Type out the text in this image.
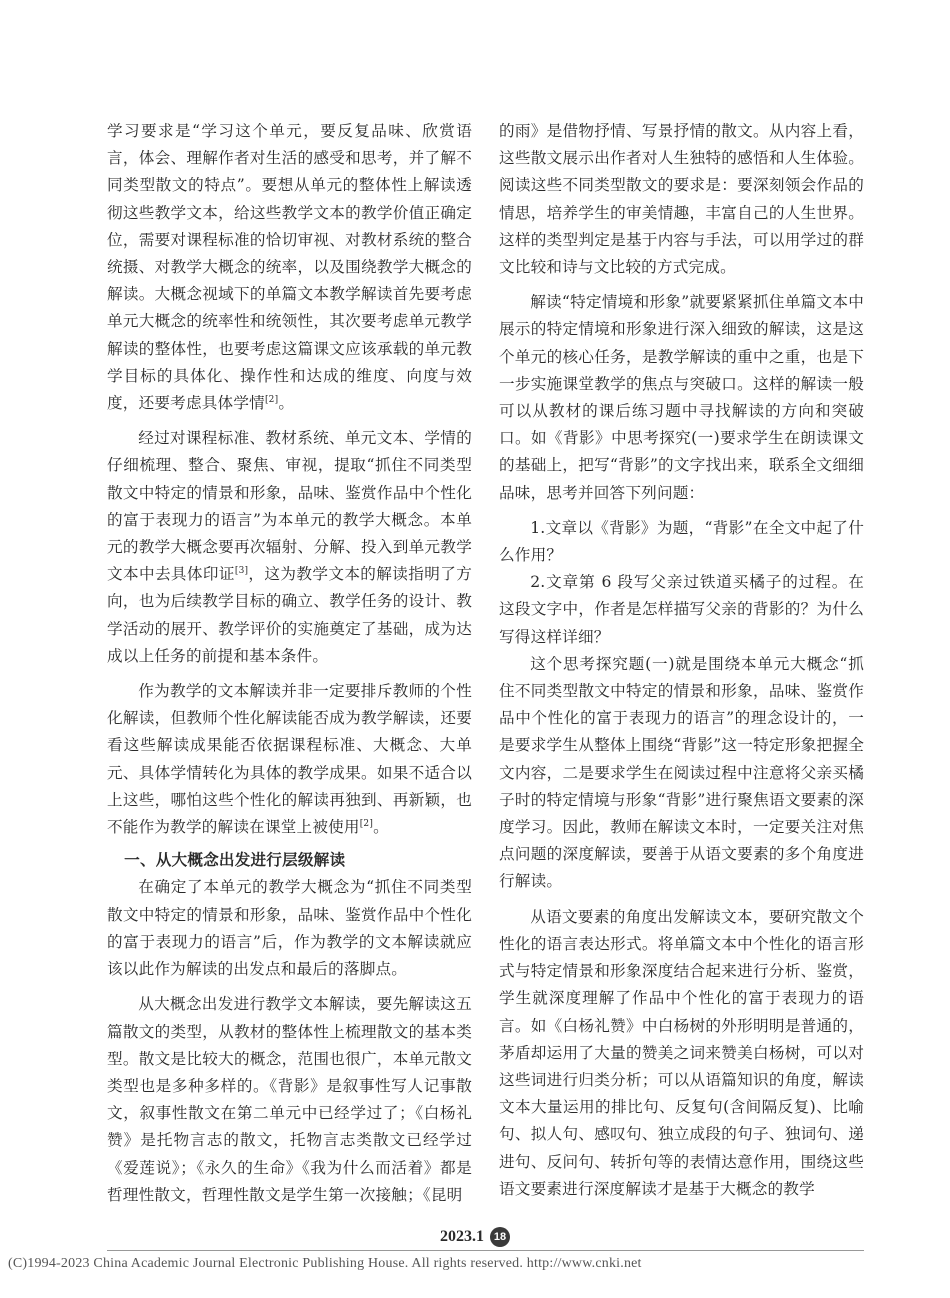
学习要求是“学习这个单元，要反复品味、欣赏语言，体会、理解作者对生活的感受和思考，并了解不同类型散文的特点”。要想从单元的整体性上解读透彻这些教学文本，给这些教学文本的教学价值正确定位，需要对课程标准的恰切审视、对教材系统的整合统摄、对教学大概念的统率，以及围绕教学大概念的解读。大概念视域下的单篇文本教学解读首先要考虑单元大概念的统率性和统领性，其次要考虑单元教学解读的整体性，也要考虑这篇课文应该承载的单元教学目标的具体化、操作性和达成的维度、向度与效度，还要考虑具体学情[2]。

经过对课程标准、教材系统、单元文本、学情的仔细梳理、整合、聚焦、审视，提取“抓住不同类型散文中特定的情景和形象，品味、鉴赏作品中个性化的富于表现力的语言”为本单元的教学大概念。本单元的教学大概念要再次辐射、分解、投入到单元教学文本中去具体印证[3]，这为教学文本的解读指明了方向，也为后续教学目标的确立、教学任务的设计、教学活动的展开、教学评价的实施奠定了基础，成为达成以上任务的前提和基本条件。

作为教学的文本解读并非一定要排斥教师的个性化解读，但教师个性化解读能否成为教学解读，还要看这些解读成果能否依据课程标准、大概念、大单元、具体学情转化为具体的教学成果。如果不适合以上这些，哪怕这些个性化的解读再独到、再新颖，也不能作为教学的解读在课堂上被使用[2]。

一、从大概念出发进行层级解读

在确定了本单元的教学大概念为“抓住不同类型散文中特定的情景和形象，品味、鉴赏作品中个性化的富于表现力的语言”后，作为教学的文本解读就应该以此作为解读的出发点和最后的落脚点。

从大概念出发进行教学文本解读，要先解读这五篇散文的类型，从教材的整体性上梳理散文的基本类型。散文是比较大的概念，范围也很广，本单元散文类型也是多种多样的。《背影》是叙事性写人记事散文，叙事性散文在第二单元中已经学过了；《白杨礼赞》是托物言志的散文，托物言志类散文已经学过《爱莲说》；《永久的生命》《我为什么而活着》都是哲理性散文，哲理性散文是学生第一次接触；《昆明

的雨》是借物抒情、写景抒情的散文。从内容上看，这些散文展示出作者对人生独特的感悟和人生体验。阅读这些不同类型散文的要求是：要深刻领会作品的情思，培养学生的审美情趣，丰富自己的人生世界。这样的类型判定是基于内容与手法，可以用学过的群文比较和诗与文比较的方式完成。

解读“特定情境和形象”就要紧紧抓住单篇文本中展示的特定情境和形象进行深入细致的解读，这是这个单元的核心任务，是教学解读的重中之重，也是下一步实施课堂教学的焦点与突破口。这样的解读一般可以从教材的课后练习题中寻找解读的方向和突破口。如《背影》中思考探究(一)要求学生在朗读课文的基础上，把写“背影”的文字找出来，联系全文细细品味，思考并回答下列问题：

1.文章以《背影》为题，“背影”在全文中起了什么作用？

2.文章第 6 段写父亲过铁道买橘子的过程。在这段文字中，作者是怎样描写父亲的背影的？为什么写得这样详细？

这个思考探究题(一)就是围绕本单元大概念“抓住不同类型散文中特定的情景和形象，品味、鉴赏作品中个性化的富于表现力的语言”的理念设计的，一是要求学生从整体上围绕“背影”这一特定形象把握全文内容，二是要求学生在阅读过程中注意将父亲买橘子时的特定情境与形象“背影”进行聚焦语文要素的深度学习。因此，教师在解读文本时，一定要关注对焦点问题的深度解读，要善于从语文要素的多个角度进行解读。

从语文要素的角度出发解读文本，要研究散文个性化的语言表达形式。将单篇文本中个性化的语言形式与特定情景和形象深度结合起来进行分析、鉴赏，学生就深度理解了作品中个性化的富于表现力的语言。如《白杨礼赞》中白杨树的外形明明是普通的，茅盾却运用了大量的赞美之词来赞美白杨树，可以对这些词进行归类分析；可以从语篇知识的角度，解读文本大量运用的排比句、反复句(含间隔反复)、比喻句、拟人句、感叹句、独立成段的句子、独词句、递进句、反问句、转折句等的表情达意作用，围绕这些语文要素进行深度解读才是基于大概念的教学

2023.1 18
(C)1994-2023 China Academic Journal Electronic Publishing House. All rights reserved. http://www.cnki.net
